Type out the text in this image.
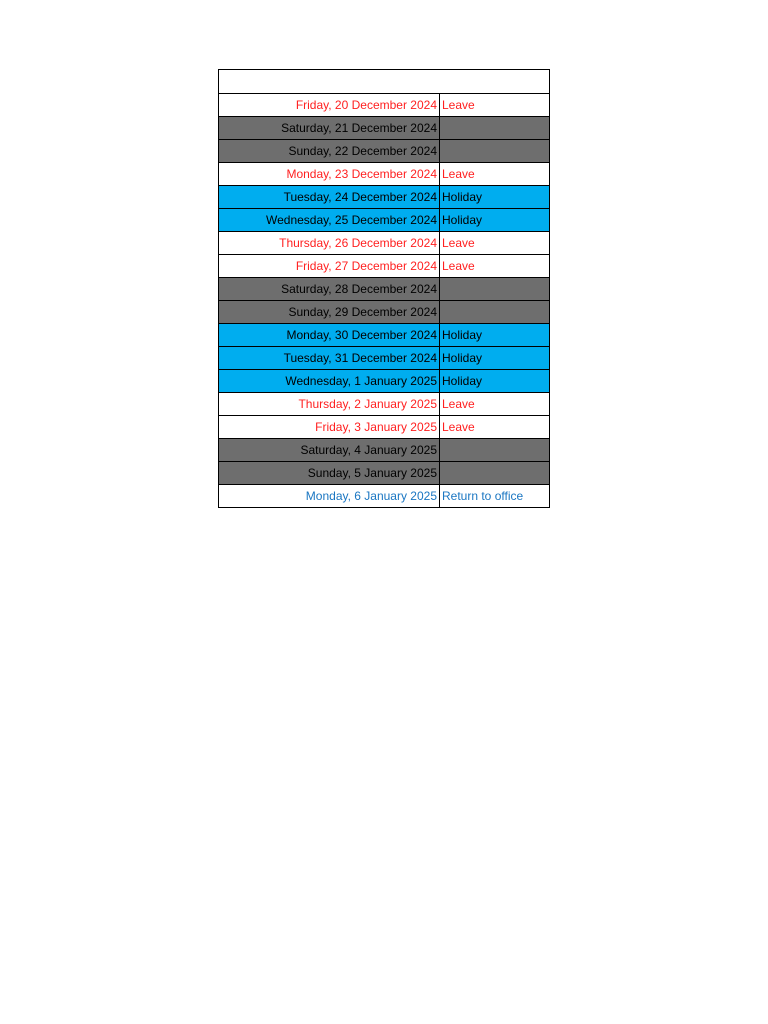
Friday, 20 December 2024	Leave
Saturday, 21 December 2024	
Sunday, 22 December 2024	
Monday, 23 December 2024	Leave
Tuesday, 24 December 2024	Holiday
Wednesday, 25 December 2024	Holiday
Thursday, 26 December 2024	Leave
Friday, 27 December 2024	Leave
Saturday, 28 December 2024	
Sunday, 29 December 2024	
Monday, 30 December 2024	Holiday
Tuesday, 31 December 2024	Holiday
Wednesday, 1 January 2025	Holiday
Thursday, 2 January 2025	Leave
Friday, 3 January 2025	Leave
Saturday, 4 January 2025	
Sunday, 5 January 2025	
Monday, 6 January 2025	Return to office
